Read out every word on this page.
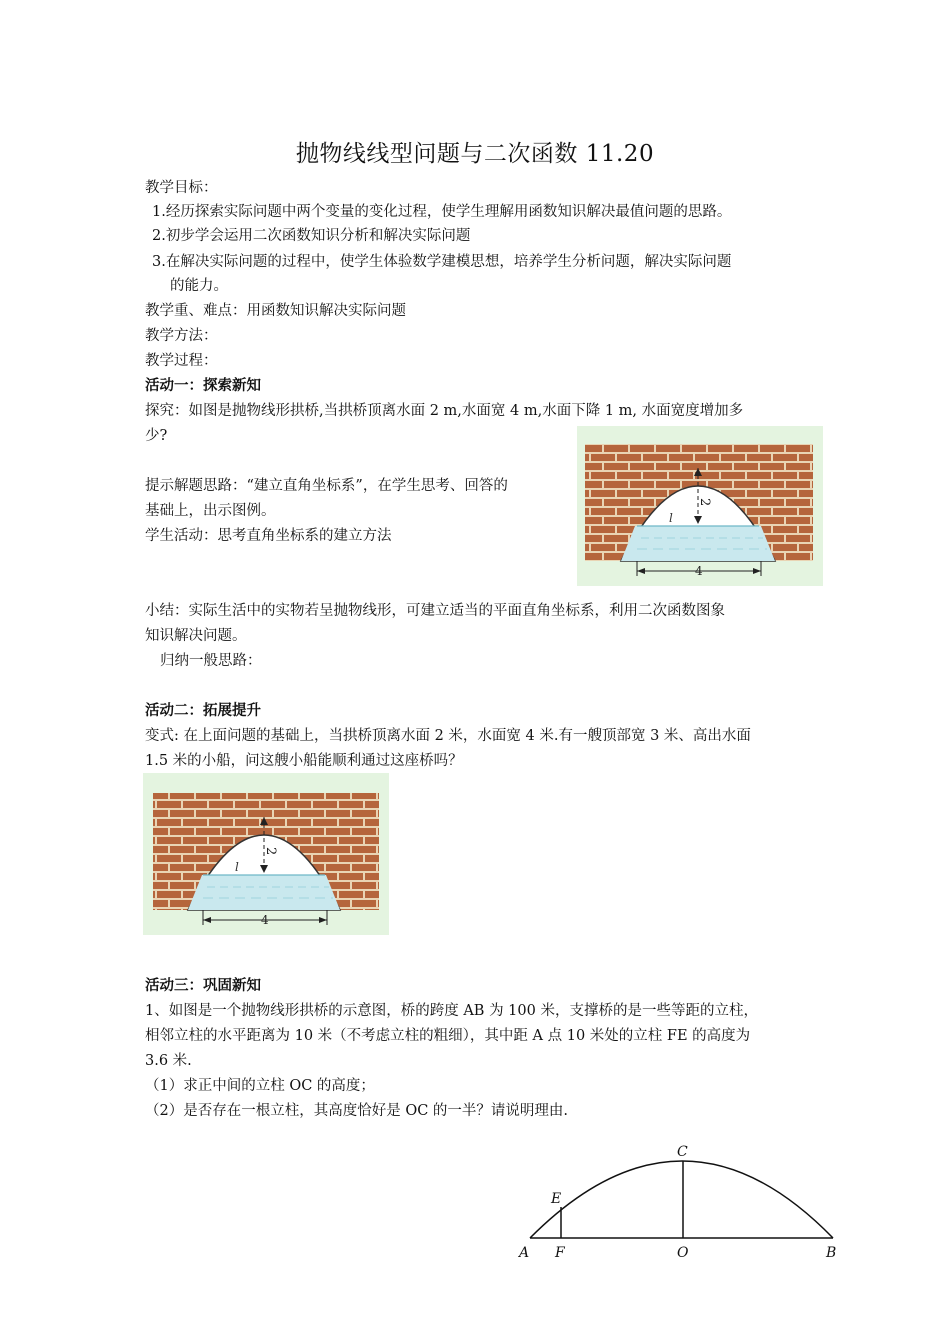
抛物线线型问题与二次函数 11.20
教学目标：
1.经历探索实际问题中两个变量的变化过程，使学生理解用函数知识解决最值问题的思路。
2.初步学会运用二次函数知识分析和解决实际问题
3.在解决实际问题的过程中，使学生体验数学建模思想，培养学生分析问题，解决实际问题
的能力。
教学重、难点：用函数知识解决实际问题
教学方法：
教学过程：
活动一：探索新知
探究：如图是抛物线形拱桥,当拱桥顶离水面 2 m,水面宽 4 m,水面下降 1 m, 水面宽度增加多
少?
提示解题思路：“建立直角坐标系”，在学生思考、回答的
基础上，出示图例。
学生活动：思考直角坐标系的建立方法
2
l
4
小结：实际生活中的实物若呈抛物线形，可建立适当的平面直角坐标系，利用二次函数图象
知识解决问题。
归纳一般思路：
活动二：拓展提升
变式: 在上面问题的基础上，当拱桥顶离水面 2 米，水面宽 4 米.有一艘顶部宽 3 米、高出水面
1.5 米的小船，问这艘小船能顺利通过这座桥吗？
2
l
4
活动三：巩固新知
1、如图是一个抛物线形拱桥的示意图，桥的跨度 AB 为 100 米，支撑桥的是一些等距的立柱，
相邻立柱的水平距离为 10 米（不考虑立柱的粗细），其中距 A 点 10 米处的立柱 FE 的高度为
3.6 米.
（1）求正中间的立柱 OC 的高度；
（2）是否存在一根立柱，其高度恰好是 OC 的一半？请说明理由.
A F	O	B
E
C
